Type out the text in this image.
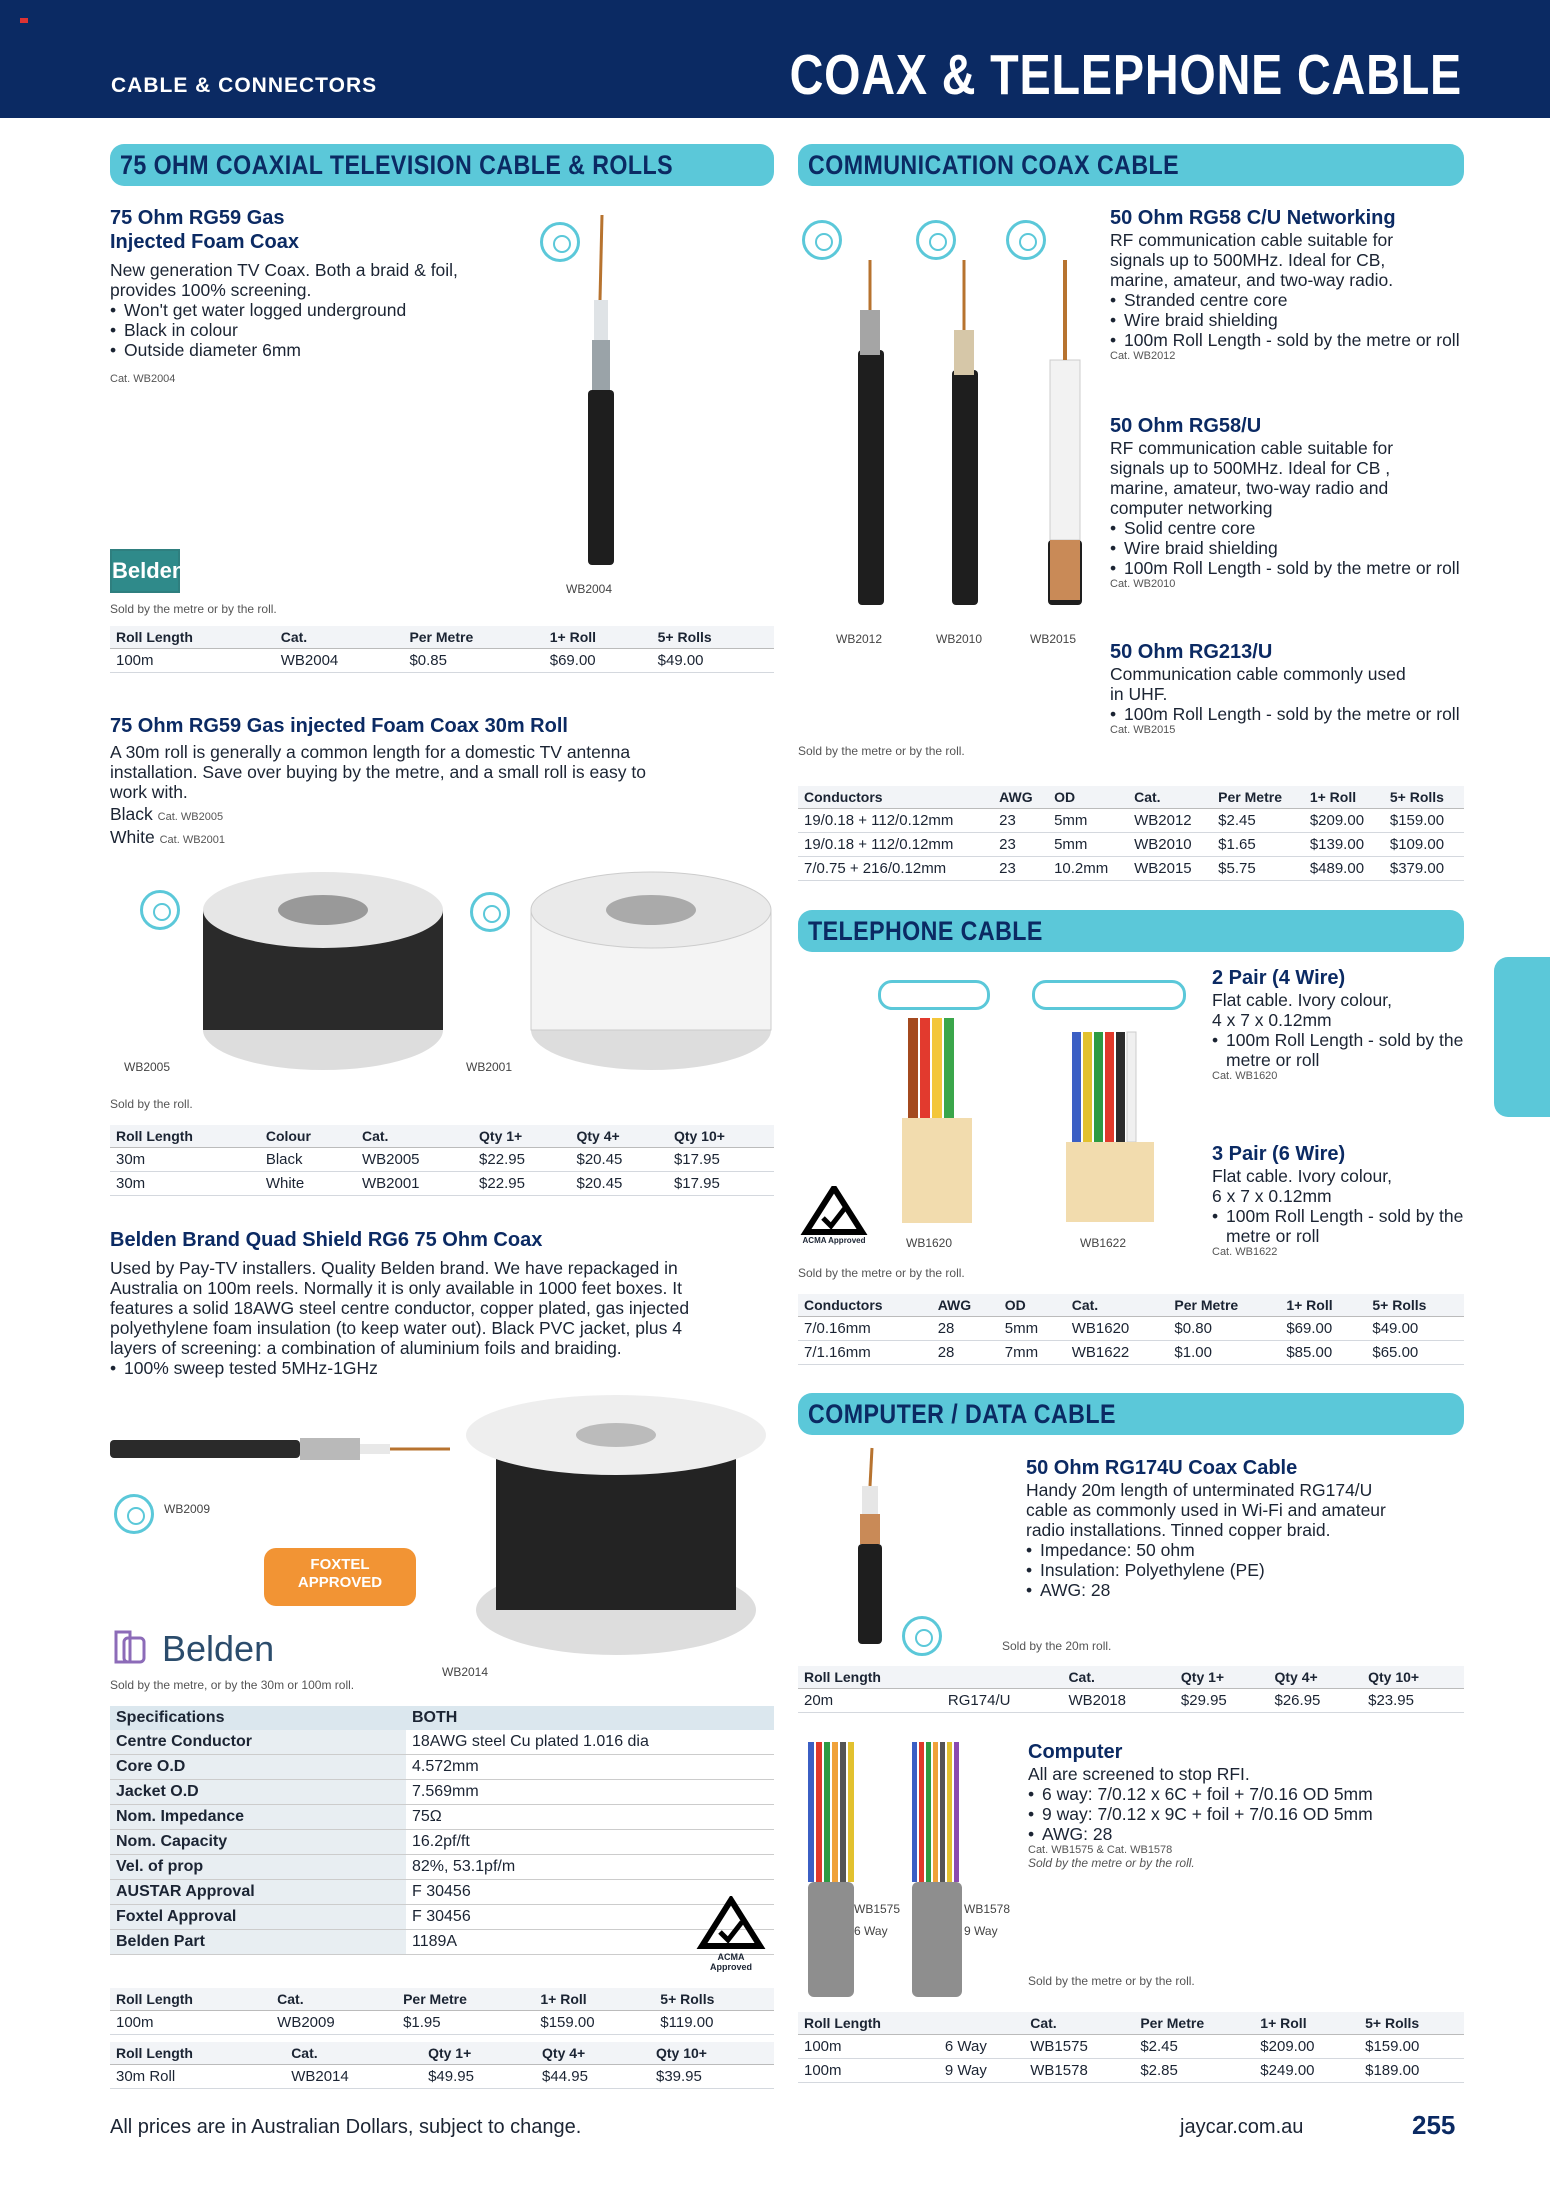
CABLE & CONNECTORS	COAX & TELEPHONE CABLE
75 OHM COAXIAL TELEVISION CABLE & ROLLS
75 Ohm RG59 Gas
Injected Foam Coax
New generation TV Coax. Both a braid & foil,
provides 100% screening.
• Won't get water logged underground
• Black in colour
• Outside diameter 6mm
Cat. WB2004
WB2004
Belden
Sold by the metre or by the roll.
Roll Length	Cat.	Per Metre	1+ Roll	5+ Rolls
100m	WB2004	$0.85	$69.00	$49.00
75 Ohm RG59 Gas injected Foam Coax 30m Roll
A 30m roll is generally a common length for a domestic TV antenna
installation. Save over buying by the metre, and a small roll is easy to
work with.
Black Cat. WB2005
White Cat. WB2001
WB2005	WB2001
Sold by the roll.
Roll Length	Colour	Cat.	Qty 1+	Qty 4+	Qty 10+
30m	Black	WB2005	$22.95	$20.45	$17.95
30m	White	WB2001	$22.95	$20.45	$17.95
Belden Brand Quad Shield RG6 75 Ohm Coax
Used by Pay-TV installers. Quality Belden brand. We have repackaged in
Australia on 100m reels. Normally it is only available in 1000 feet boxes. It
features a solid 18AWG steel centre conductor, copper plated, gas injected
polyethylene foam insulation (to keep water out). Black PVC jacket, plus 4
layers of screening: a combination of aluminium foils and braiding.
• 100% sweep tested 5MHz-1GHz
WB2009
FOXTEL
APPROVED
Belden
WB2014
Sold by the metre, or by the 30m or 100m roll.
Specifications	BOTH
Centre Conductor	18AWG steel Cu plated 1.016 dia
Core O.D	4.572mm
Jacket O.D	7.569mm
Nom. Impedance	75Ω
Nom. Capacity	16.2pf/ft
Vel. of prop	82%, 53.1pf/m
AUSTAR Approval	F 30456
Foxtel Approval	F 30456
Belden Part	1189A
ACMA Approved
Roll Length	Cat.	Per Metre	1+ Roll	5+ Rolls
100m	WB2009	$1.95	$159.00	$119.00
Roll Length	Cat.	Qty 1+	Qty 4+	Qty 10+
30m Roll	WB2014	$49.95	$44.95	$39.95
COMMUNICATION COAX CABLE
WB2012	WB2010	WB2015
Sold by the metre or by the roll.
50 Ohm RG58 C/U Networking
RF communication cable suitable for
signals up to 500MHz. Ideal for CB,
marine, amateur, and two-way radio.
• Stranded centre core
• Wire braid shielding
• 100m Roll Length - sold by the metre or roll
Cat. WB2012
50 Ohm RG58/U
RF communication cable suitable for
signals up to 500MHz. Ideal for CB ,
marine, amateur, two-way radio and
computer networking
• Solid centre core
• Wire braid shielding
• 100m Roll Length - sold by the metre or roll
Cat. WB2010
50 Ohm RG213/U
Communication cable commonly used
in UHF.
• 100m Roll Length - sold by the metre or roll
Cat. WB2015
Conductors	AWG	OD	Cat.	Per Metre	1+ Roll	5+ Rolls
19/0.18 + 112/0.12mm	23	5mm	WB2012	$2.45	$209.00	$159.00
19/0.18 + 112/0.12mm	23	5mm	WB2010	$1.65	$139.00	$109.00
7/0.75 + 216/0.12mm	23	10.2mm	WB2015	$5.75	$489.00	$379.00
TELEPHONE CABLE
ACMA Approved	WB1620	WB1622
Sold by the metre or by the roll.
2 Pair (4 Wire)
Flat cable. Ivory colour,
4 x 7 x 0.12mm
• 100m Roll Length - sold by the metre or roll
Cat. WB1620
3 Pair (6 Wire)
Flat cable. Ivory colour,
6 x 7 x 0.12mm
• 100m Roll Length - sold by the metre or roll
Cat. WB1622
Conductors	AWG	OD	Cat.	Per Metre	1+ Roll	5+ Rolls
7/0.16mm	28	5mm	WB1620	$0.80	$69.00	$49.00
7/1.16mm	28	7mm	WB1622	$1.00	$85.00	$65.00
COMPUTER / DATA CABLE
Sold by the 20m roll.
50 Ohm RG174U Coax Cable
Handy 20m length of unterminated RG174/U
cable as commonly used in Wi-Fi and amateur
radio installations. Tinned copper braid.
• Impedance: 50 ohm
• Insulation: Polyethylene (PE)
• AWG: 28
Roll Length		Cat.	Qty 1+	Qty 4+	Qty 10+
20m	RG174/U	WB2018	$29.95	$26.95	$23.95
WB1575
6 Way
WB1578
9 Way
Computer
All are screened to stop RFI.
• 6 way: 7/0.12 x 6C + foil + 7/0.16 OD 5mm
• 9 way: 7/0.12 x 9C + foil + 7/0.16 OD 5mm
• AWG: 28
Cat. WB1575 & Cat. WB1578
Sold by the metre or by the roll.
Sold by the metre or by the roll.
Roll Length		Cat.	Per Metre	1+ Roll	5+ Rolls
100m	6 Way	WB1575	$2.45	$209.00	$159.00
100m	9 Way	WB1578	$2.85	$249.00	$189.00
All prices are in Australian Dollars, subject to change.	jaycar.com.au	255
